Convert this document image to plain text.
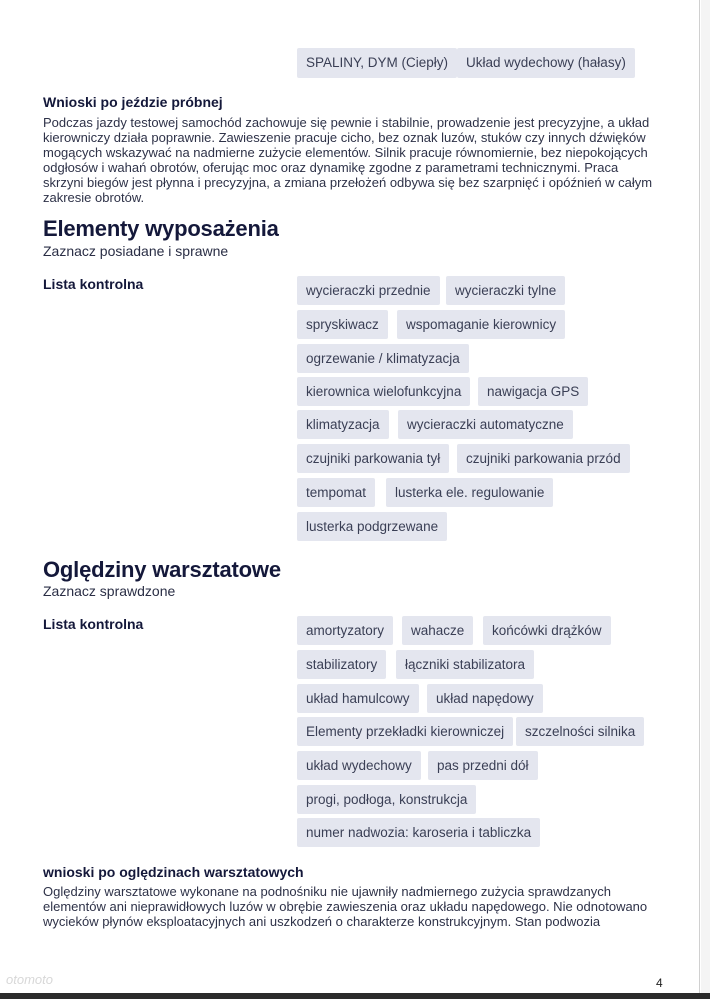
SPALINY, DYM (Ciepły)	Układ wydechowy (hałasy)
Wnioski po jeździe próbnej
Podczas jazdy testowej samochód zachowuje się pewnie i stabilnie, prowadzenie jest precyzyjne, a układ
kierowniczy działa poprawnie. Zawieszenie pracuje cicho, bez oznak luzów, stuków czy innych dźwięków
mogących wskazywać na nadmierne zużycie elementów. Silnik pracuje równomiernie, bez niepokojących
odgłosów i wahań obrotów, oferując moc oraz dynamikę zgodne z parametrami technicznymi. Praca
skrzyni biegów jest płynna i precyzyjna, a zmiana przełożeń odbywa się bez szarpnięć i opóźnień w całym
zakresie obrotów.
Elementy wyposażenia
Zaznacz posiadane i sprawne
Lista kontrolna	wycieraczki przednie	wycieraczki tylne
spryskiwacz	wspomaganie kierownicy
ogrzewanie / klimatyzacja
kierownica wielofunkcyjna	nawigacja GPS
klimatyzacja	wycieraczki automatyczne
czujniki parkowania tył	czujniki parkowania przód
tempomat	lusterka ele. regulowanie
lusterka podgrzewane
Oględziny warsztatowe
Zaznacz sprawdzone
Lista kontrolna	amortyzatory	wahacze	końcówki drążków
stabilizatory	łączniki stabilizatora
układ hamulcowy	układ napędowy
Elementy przekładki kierowniczej	szczelności silnika
układ wydechowy	pas przedni dół
progi, podłoga, konstrukcja
numer nadwozia: karoseria i tabliczka
wnioski po oględzinach warsztatowych
Oględziny warsztatowe wykonane na podnośniku nie ujawniły nadmiernego zużycia sprawdzanych
elementów ani nieprawidłowych luzów w obrębie zawieszenia oraz układu napędowego. Nie odnotowano
wycieków płynów eksploatacyjnych ani uszkodzeń o charakterze konstrukcyjnym. Stan podwozia
otomoto	4
